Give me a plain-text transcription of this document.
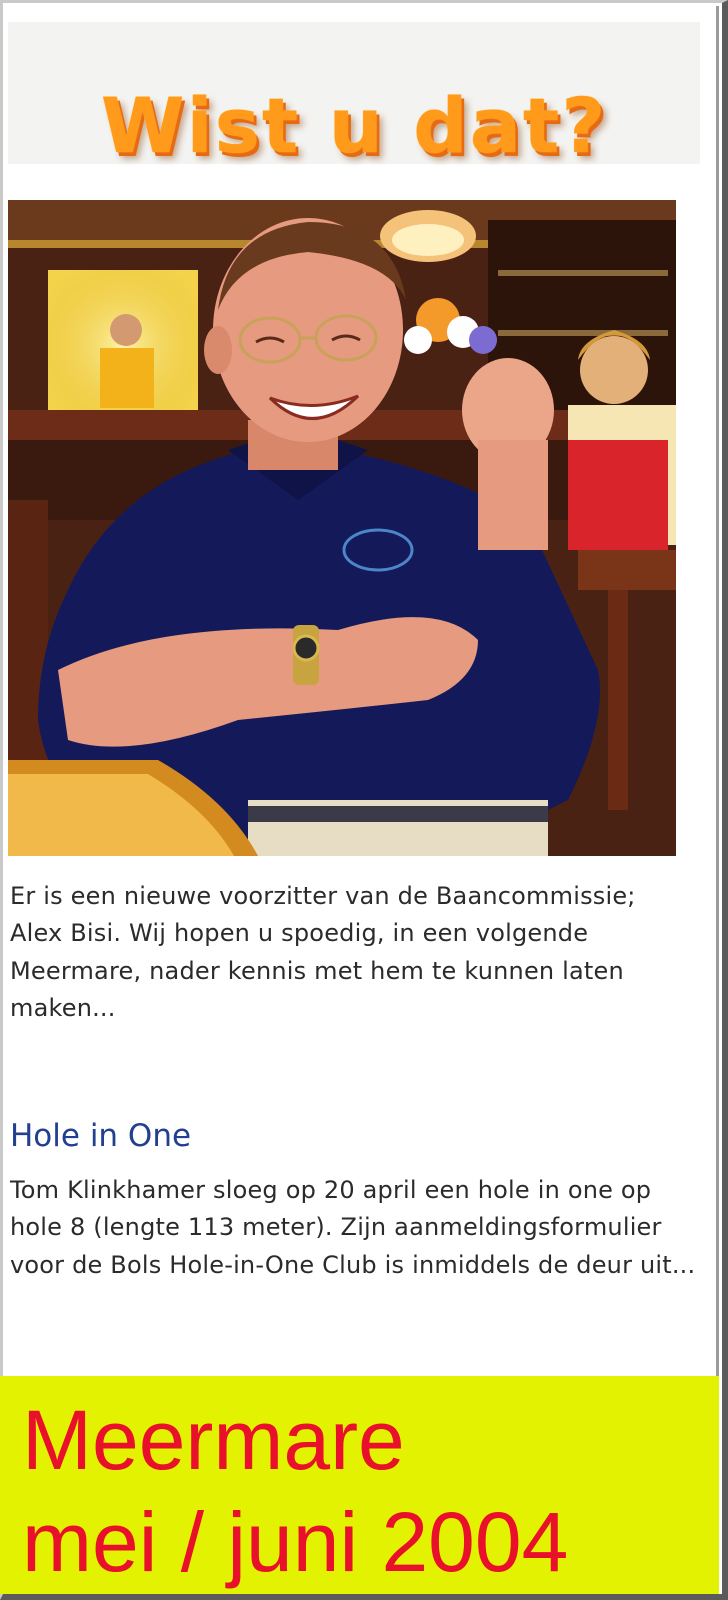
Wist u dat?

Er is een nieuwe voorzitter van de Baancommissie; Alex Bisi. Wij hopen u spoedig, in een volgende Meermare, nader kennis met hem te kunnen laten maken...

Hole in One

Tom Klinkhamer sloeg op 20 april een hole in one op hole 8 (lengte 113 meter). Zijn aanmeldingsformulier voor de Bols Hole-in-One Club is inmiddels de deur uit...

Meermare

mei / juni 2004
